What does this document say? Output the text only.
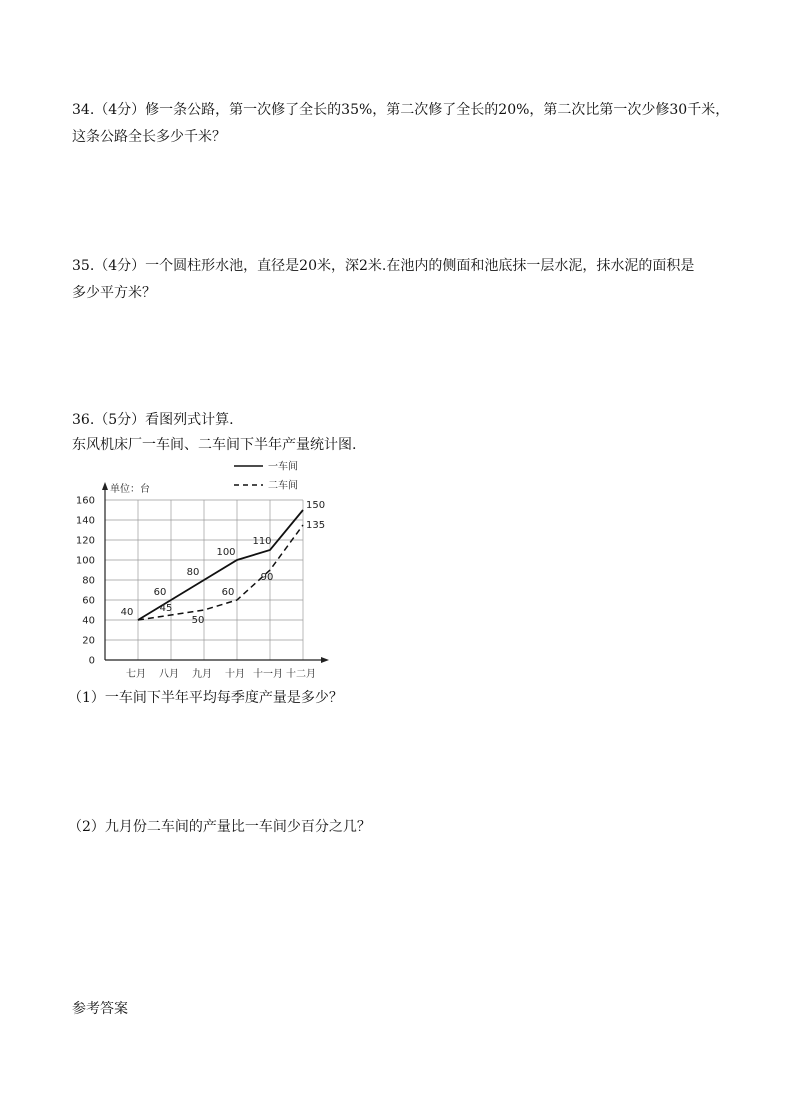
34.（4分）修一条公路，第一次修了全长的35%，第二次修了全长的20%，第二次比第一次少修30千米，
这条公路全长多少千米？
35.（4分）一个圆柱形水池，直径是20米，深2米.在池内的侧面和池底抹一层水泥，抹水泥的面积是
多少平方米？
36.（5分）看图列式计算.
东风机床厂一车间、二车间下半年产量统计图.
0
20
40
60
80
100
120
140
160
七月 八月 九月 十月 十一月 十二月
单位：台
一车间
二车间
40
60
80
100
110
150
45
50
60
90
135
（1）一车间下半年平均每季度产量是多少？
（2）九月份二车间的产量比一车间少百分之几？
参考答案
